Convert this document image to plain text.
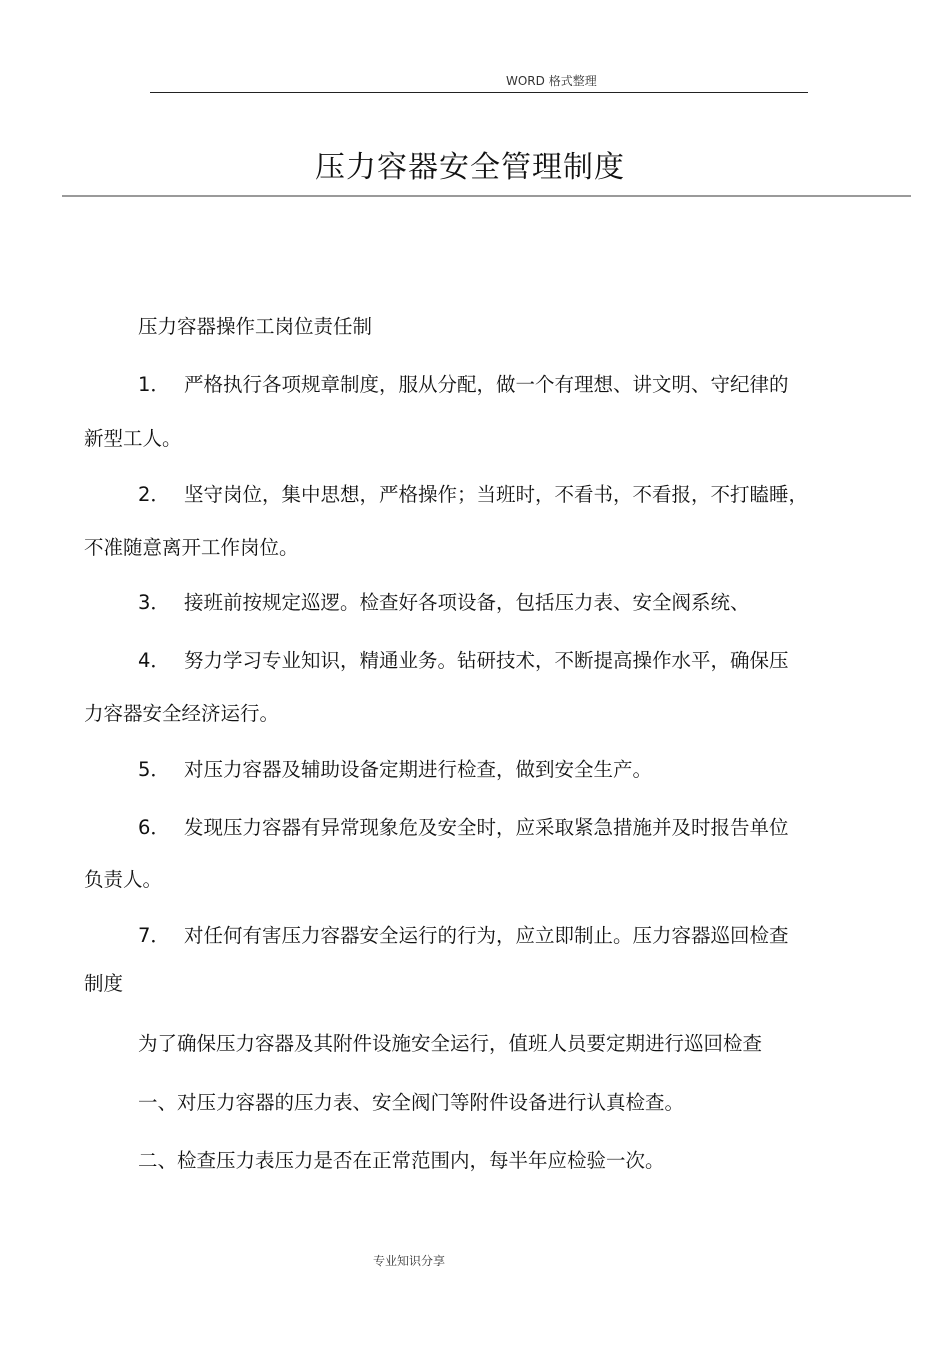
WORD 格式整理
压力容器安全管理制度
压力容器操作工岗位责任制
1． 严格执行各项规章制度，服从分配，做一个有理想、讲文明、守纪律的
新型工人。
2． 坚守岗位，集中思想，严格操作；当班时，不看书，不看报，不打瞌睡，
不准随意离开工作岗位。
3． 接班前按规定巡逻。检查好各项设备，包括压力表、安全阀系统、
4． 努力学习专业知识，精通业务。钻研技术，不断提高操作水平，确保压
力容器安全经济运行。
5． 对压力容器及辅助设备定期进行检查，做到安全生产。
6． 发现压力容器有异常现象危及安全时，应采取紧急措施并及时报告单位
负责人。
7． 对任何有害压力容器安全运行的行为，应立即制止。压力容器巡回检查
制度
为了确保压力容器及其附件设施安全运行，值班人员要定期进行巡回检查
一、对压力容器的压力表、安全阀门等附件设备进行认真检查。
二、检查压力表压力是否在正常范围内，每半年应检验一次。
专业知识分享
